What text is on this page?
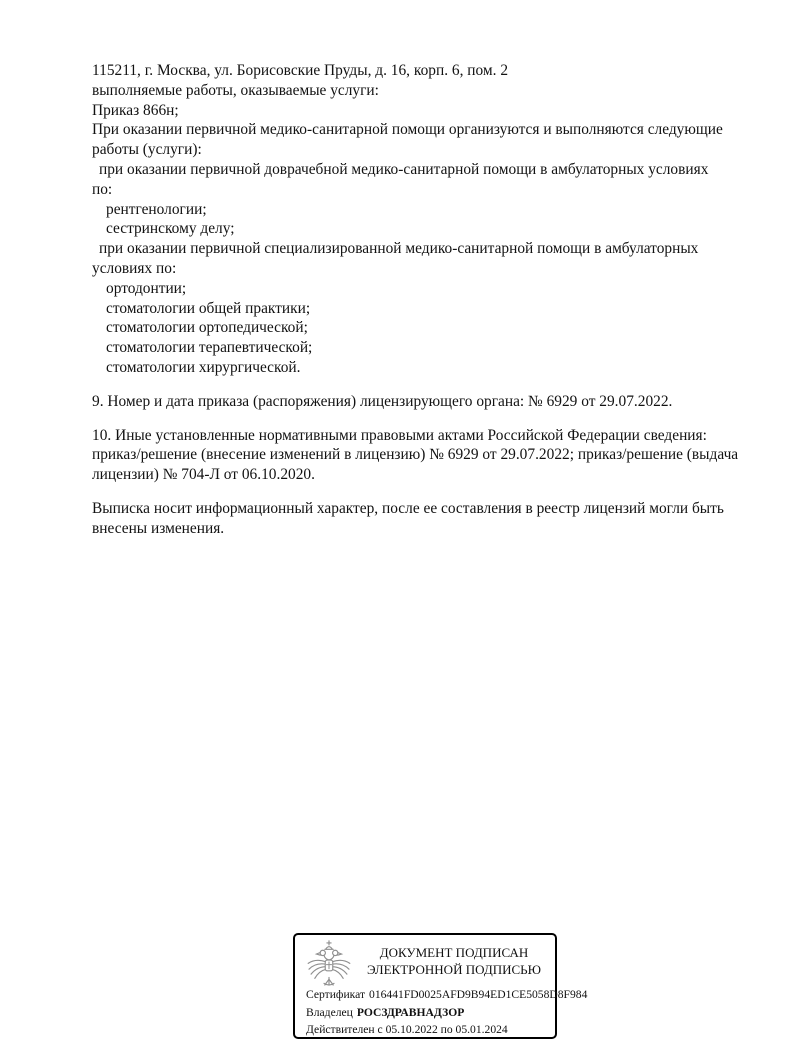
115211, г. Москва, ул. Борисовские Пруды, д. 16, корп. 6, пом. 2
выполняемые работы, оказываемые услуги:
Приказ 866н;
При оказании первичной медико-санитарной помощи организуются и выполняются следующие
работы (услуги):
при оказании первичной доврачебной медико-санитарной помощи в амбулаторных условиях
по:
рентгенологии;
сестринскому делу;
при оказании первичной специализированной медико-санитарной помощи в амбулаторных
условиях по:
ортодонтии;
стоматологии общей практики;
стоматологии ортопедической;
стоматологии терапевтической;
стоматологии хирургической.
9. Номер и дата приказа (распоряжения) лицензирующего органа: № 6929 от 29.07.2022.
10. Иные установленные нормативными правовыми актами Российской Федерации сведения:
приказ/решение (внесение изменений в лицензию) № 6929 от 29.07.2022; приказ/решение (выдача
лицензии) № 704-Л от 06.10.2020.
Выписка носит информационный характер, после ее составления в реестр лицензий могли быть
внесены изменения.
ДОКУМЕНТ ПОДПИСАН
ЭЛЕКТРОННОЙ ПОДПИСЬЮ
Сертификат 016441FD0025AFD9B94ED1CE5058D8F984
Владелец РОСЗДРАВНАДЗОР
Действителен с 05.10.2022 по 05.01.2024
